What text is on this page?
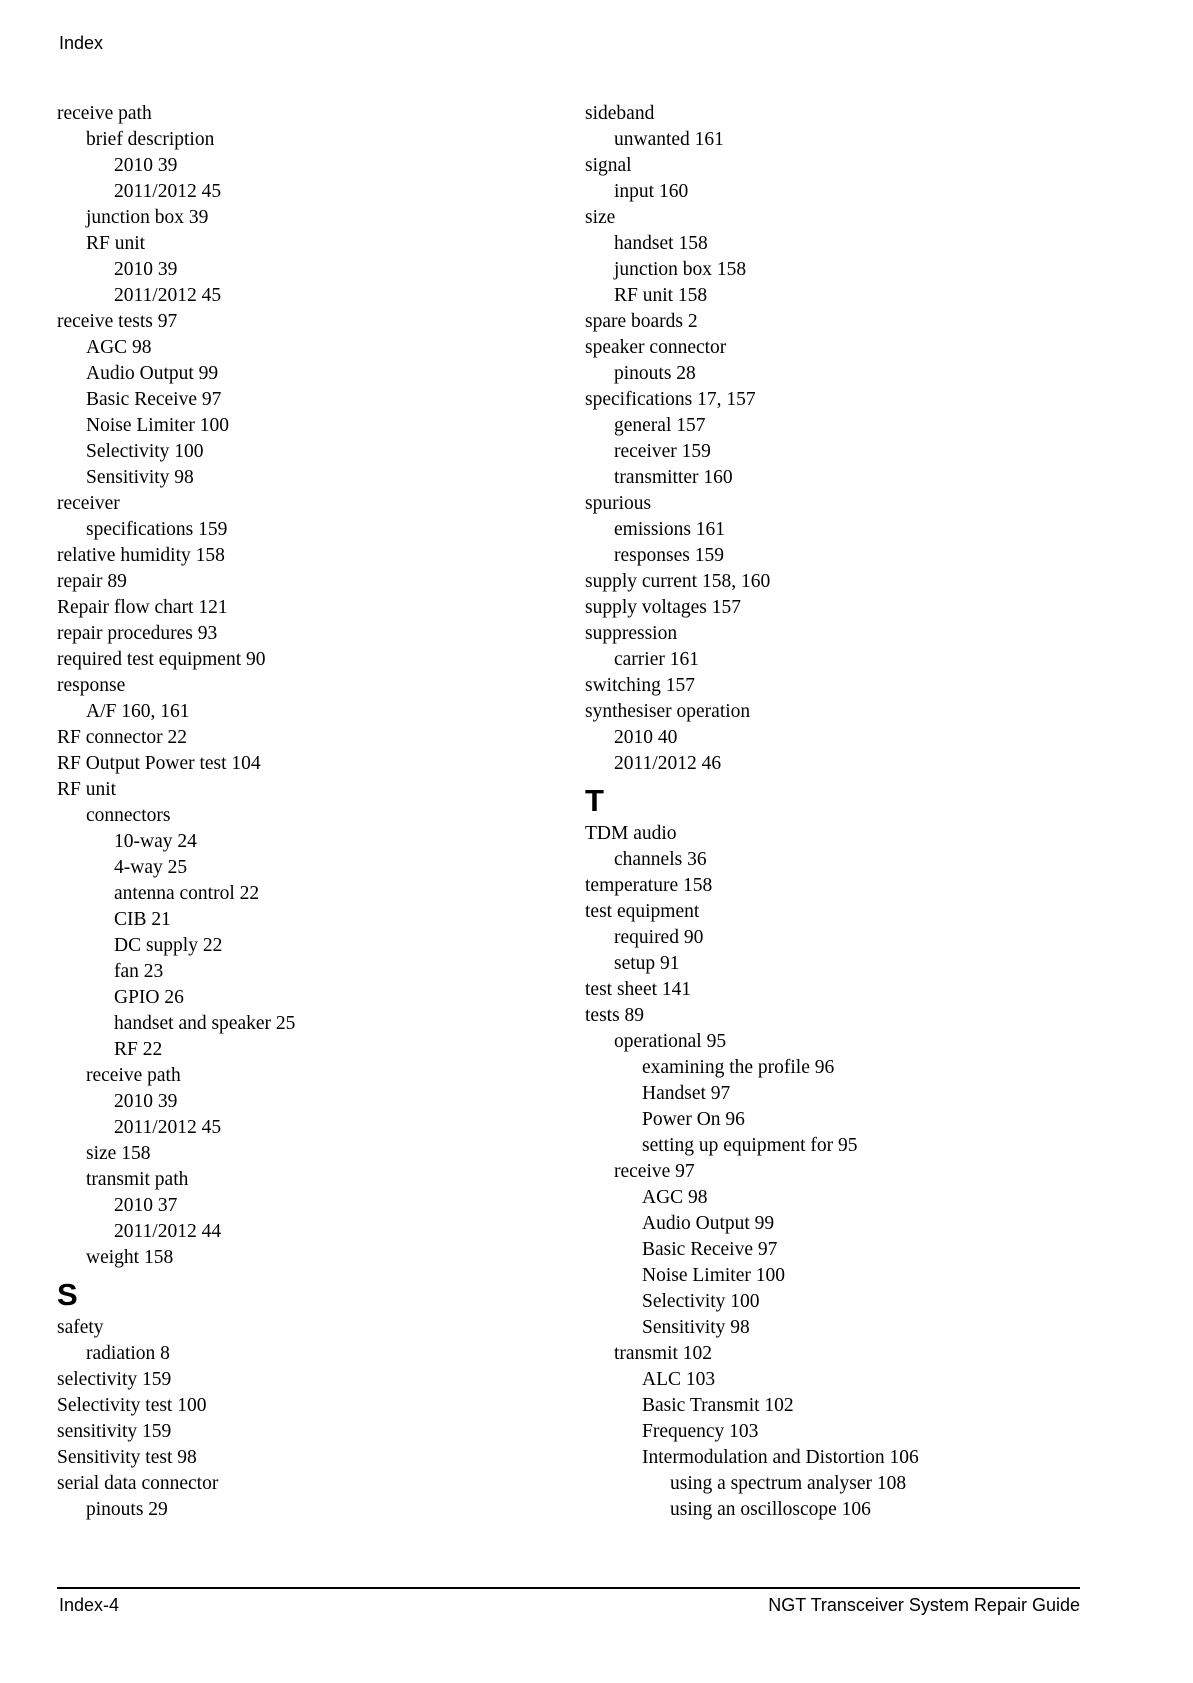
Index
receive path
brief description
2010 39
2011/2012 45
junction box 39
RF unit
2010 39
2011/2012 45
receive tests 97
AGC 98
Audio Output 99
Basic Receive 97
Noise Limiter 100
Selectivity 100
Sensitivity 98
receiver
specifications 159
relative humidity 158
repair 89
Repair flow chart 121
repair procedures 93
required test equipment 90
response
A/F 160, 161
RF connector 22
RF Output Power test 104
RF unit
connectors
10-way 24
4-way 25
antenna control 22
CIB 21
DC supply 22
fan 23
GPIO 26
handset and speaker 25
RF 22
receive path
2010 39
2011/2012 45
size 158
transmit path
2010 37
2011/2012 44
weight 158
S
safety
radiation 8
selectivity 159
Selectivity test 100
sensitivity 159
Sensitivity test 98
serial data connector
pinouts 29
sideband
unwanted 161
signal
input 160
size
handset 158
junction box 158
RF unit 158
spare boards 2
speaker connector
pinouts 28
specifications 17, 157
general 157
receiver 159
transmitter 160
spurious
emissions 161
responses 159
supply current 158, 160
supply voltages 157
suppression
carrier 161
switching 157
synthesiser operation
2010 40
2011/2012 46
T
TDM audio
channels 36
temperature 158
test equipment
required 90
setup 91
test sheet 141
tests 89
operational 95
examining the profile 96
Handset 97
Power On 96
setting up equipment for 95
receive 97
AGC 98
Audio Output 99
Basic Receive 97
Noise Limiter 100
Selectivity 100
Sensitivity 98
transmit 102
ALC 103
Basic Transmit 102
Frequency 103
Intermodulation and Distortion 106
using a spectrum analyser 108
using an oscilloscope 106
Index-4	NGT Transceiver System Repair Guide
